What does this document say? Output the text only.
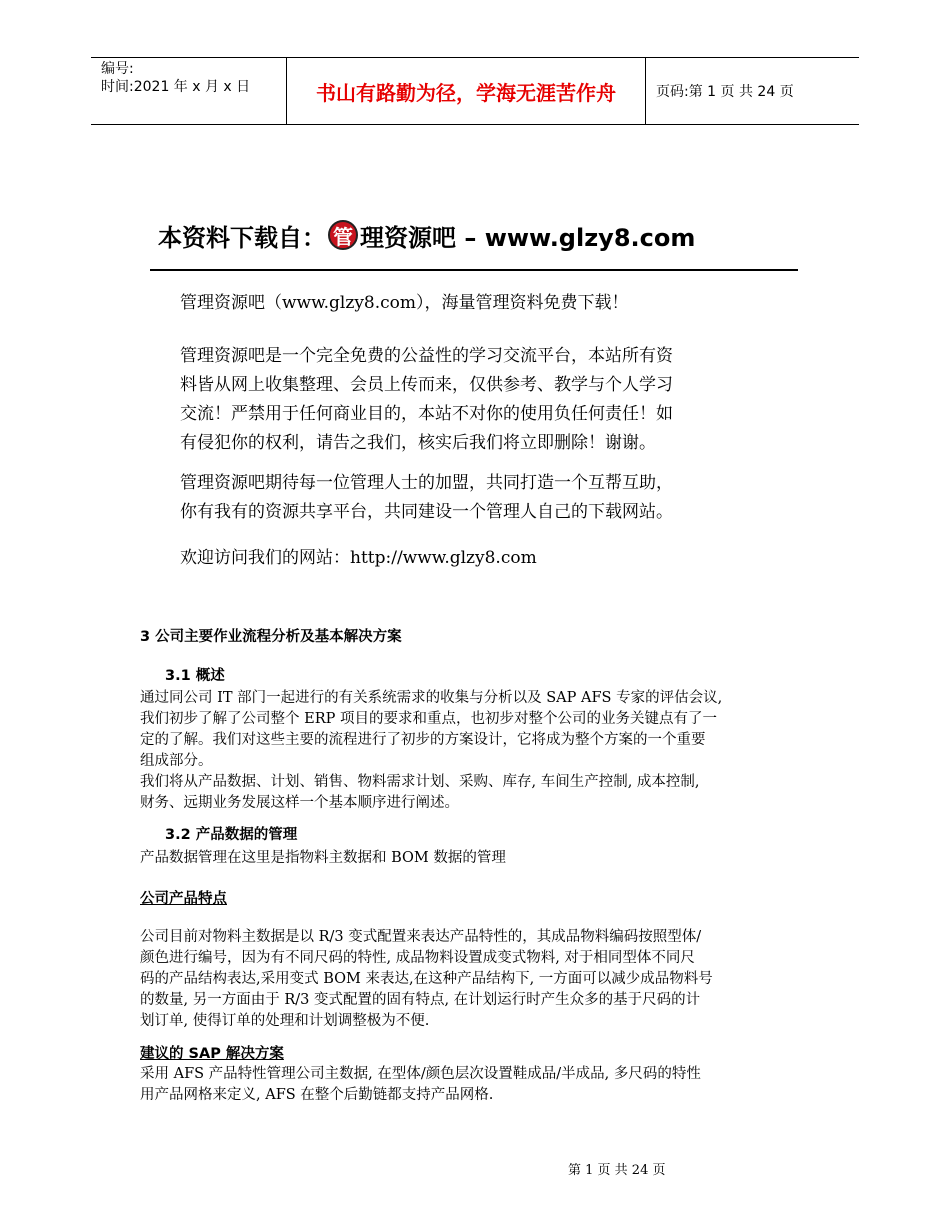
编号:
时间:2021 年 x 月 x 日	书山有路勤为径，学海无涯苦作舟	页码:第 1 页 共 24 页
本资料下载自： 管 理资源吧 – www.glzy8.com

管理资源吧（www.glzy8.com），海量管理资料免费下载！

管理资源吧是一个完全免费的公益性的学习交流平台，本站所有资

料皆从网上收集整理、会员上传而来，仅供参考、教学与个人学习

交流！严禁用于任何商业目的，本站不对你的使用负任何责任！如

有侵犯你的权利，请告之我们，核实后我们将立即删除！谢谢。

管理资源吧期待每一位管理人士的加盟，共同打造一个互帮互助，

你有我有的资源共享平台，共同建设一个管理人自己的下载网站。

欢迎访问我们的网站：http://www.glzy8.com

3 公司主要作业流程分析及基本解决方案
3.1 概述

通过同公司 IT 部门一起进行的有关系统需求的收集与分析以及 SAP AFS 专家的评估会议,

我们初步了解了公司整个 ERP 项目的要求和重点，也初步对整个公司的业务关键点有了一

定的了解。我们对这些主要的流程进行了初步的方案设计，它将成为整个方案的一个重要

组成部分。

我们将从产品数据、计划、销售、物料需求计划、采购、库存, 车间生产控制, 成本控制,

财务、远期业务发展这样一个基本顺序进行阐述。

3.2 产品数据的管理
产品数据管理在这里是指物料主数据和 BOM 数据的管理
公司产品特点

公司目前对物料主数据是以 R/3 变式配置来表达产品特性的，其成品物料编码按照型体/

颜色进行编号，因为有不同尺码的特性, 成品物料设置成变式物料, 对于相同型体不同尺

码的产品结构表达,采用变式 BOM 来表达,在这种产品结构下, 一方面可以减少成品物料号

的数量, 另一方面由于 R/3 变式配置的固有特点, 在计划运行时产生众多的基于尺码的计

划订单, 使得订单的处理和计划调整极为不便.

建议的 SAP 解决方案

采用 AFS 产品特性管理公司主数据, 在型体/颜色层次设置鞋成品/半成品, 多尺码的特性

用产品网格来定义, AFS 在整个后勤链都支持产品网格.

第 1 页 共 24 页
